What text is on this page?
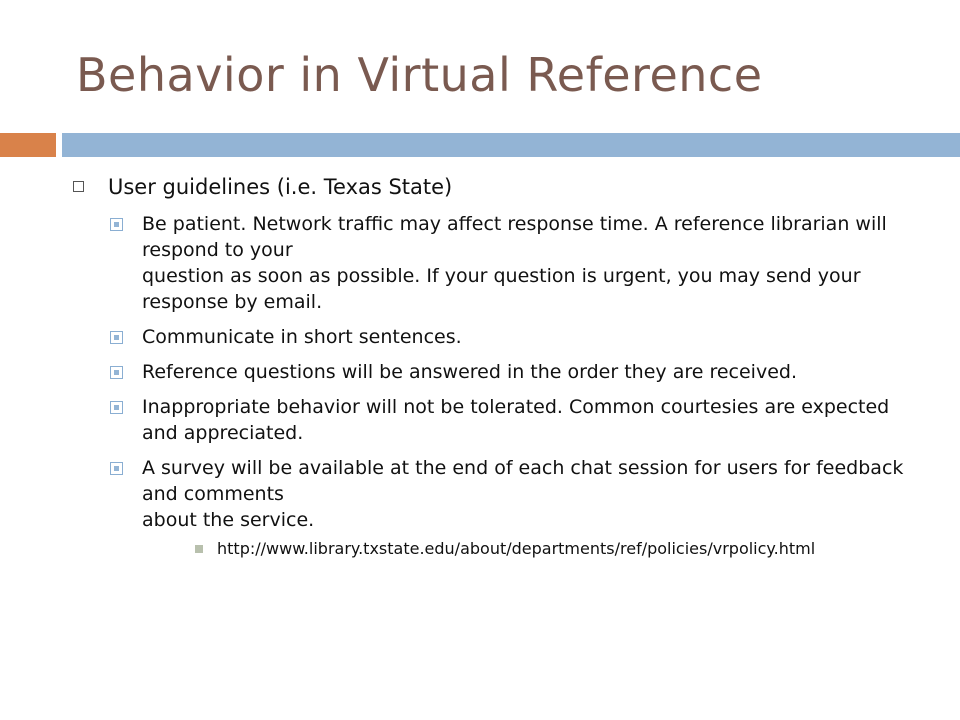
Behavior in Virtual Reference
User guidelines (i.e. Texas State)
Be patient. Network traffic may affect response time. A reference librarian will respond to your
question as soon as possible. If your question is urgent, you may send your response by email.
Communicate in short sentences.
Reference questions will be answered in the order they are received.
Inappropriate behavior will not be tolerated. Common courtesies are expected and appreciated.
A survey will be available at the end of each chat session for users for feedback and comments
about the service.
http://www.library.txstate.edu/about/departments/ref/policies/vrpolicy.html
